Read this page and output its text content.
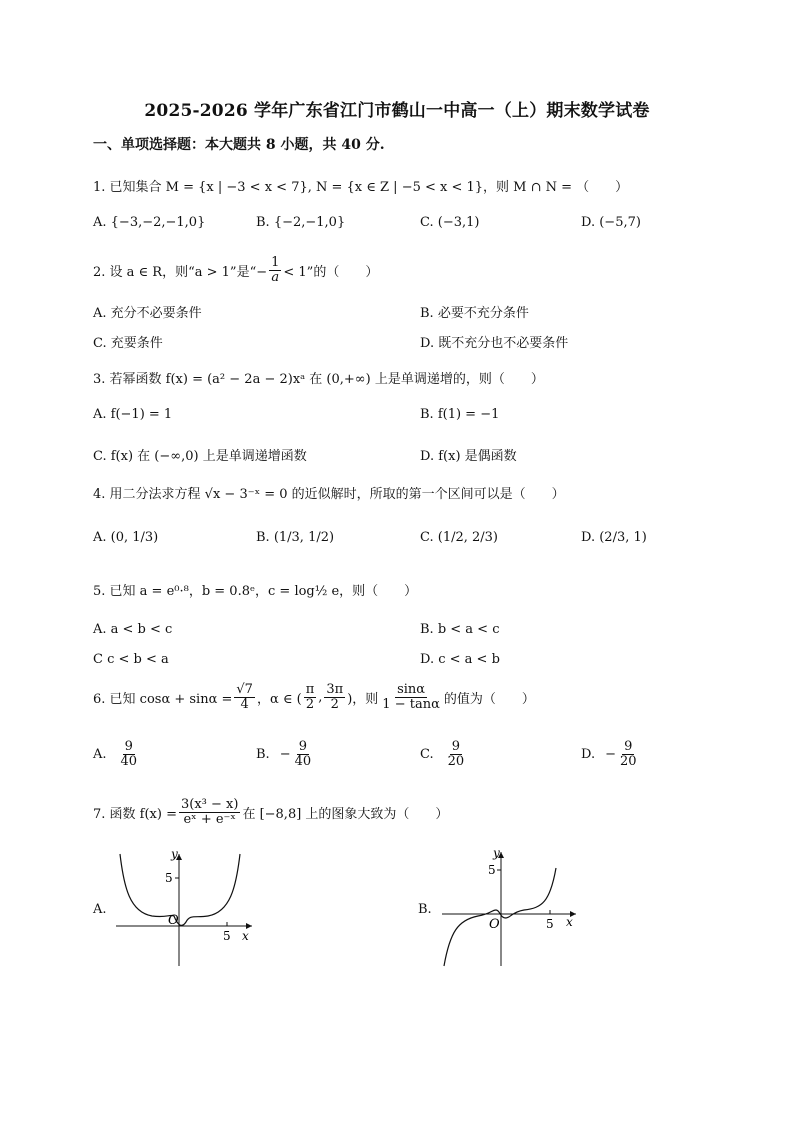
2025-2026 学年广东省江门市鹤山一中高一（上）期末数学试卷
一、单项选择题：本大题共 8 小题，共 40 分.
1. 已知集合 M = {x | −3 < x < 7}, N = {x ∈ Z | −5 < x < 1}，则 M ∩ N = （　　）
A. {−3,−2,−1,0}	B. {−2,−1,0}	C. (−3,1)	D. (−5,7)
2. 设 a ∈ R，则“a > 1”是“− $\frac{1}{a} < 1$”的（　　）
A. 充分不必要条件	B. 必要不充分条件
C. 充要条件	D. 既不充分也不必要条件
3. 若幂函数 f(x) = (a² − 2a − 2)xᵃ 在 (0,+∞) 上是单调递增的，则（　　）
A. f(−1) = 1	B. f(1) = −1
C. f(x) 在 (−∞,0) 上是单调递增函数	D. f(x) 是偶函数
4. 用二分法求方程 √x − 3⁻ˣ = 0 的近似解时，所取的第一个区间可以是（　　）
A. (0, 1/3)	B. (1/3, 1/2)	C. (1/2, 2/3)	D. (2/3, 1)
5. 已知 a = e⁰·⁸，b = 0.8ᵉ，c = log½ e，则（　　）
A. a < b < c	B. b < a < c
C c < b < a	D. c < a < b
6. 已知 $\cos\alpha + \sin\alpha = \frac{√7}{4}$ ，α ∈ ( $\frac{\pi}{2}$ , $\frac{3\pi}{2}$ )，则 $\frac{\sin\alpha}{1 - \tan\alpha}$ 的值为（　　）
A. $\frac{9}{40}$	B. − $\frac{9}{40}$	C. $\frac{9}{20}$	D. − $\frac{9}{20}$
7. 函数 $f(x) = \frac{\text{3(x³ − x)}}{\text{eˣ + e⁻ˣ}}$ 在 [−8,8] 上的图象大致为（　　）
A.	B.
y
5
O
5 x
y
5
O	5 x
